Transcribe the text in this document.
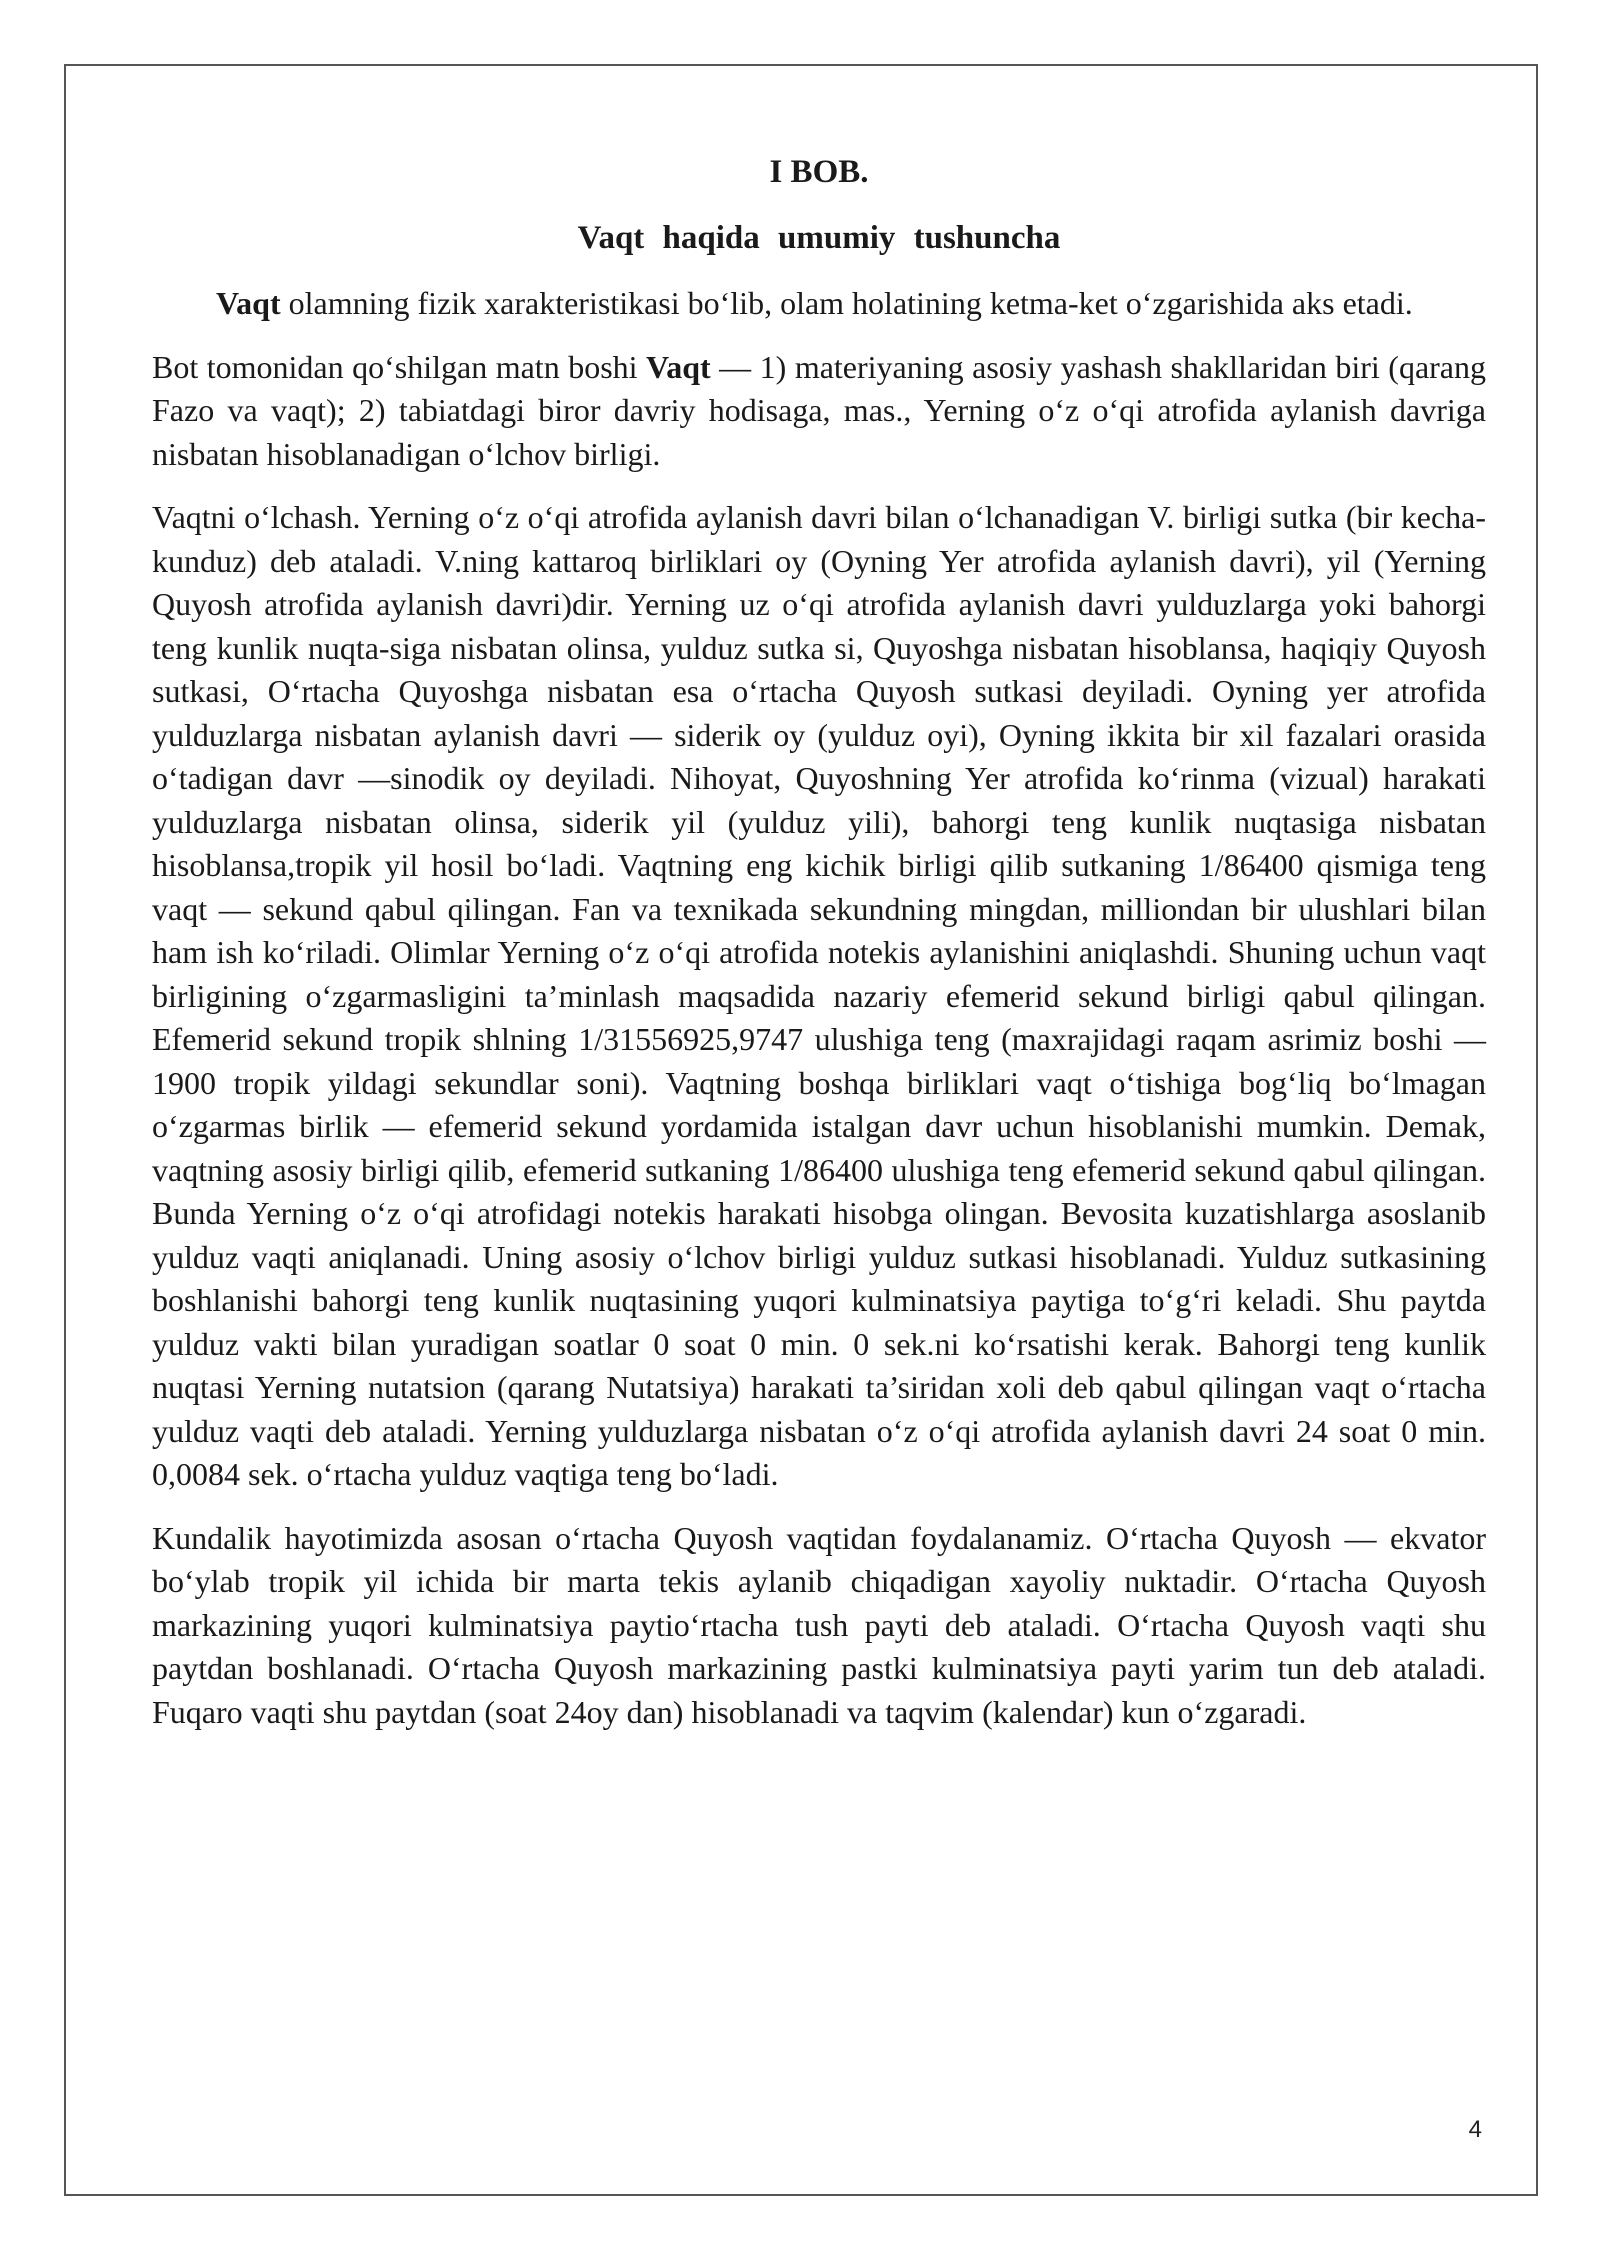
I BOB.
Vaqt haqida umumiy tushuncha

Vaqt olamning fizik xarakteristikasi bo‘lib, olam holatining ketma-ket o‘zgarishida aks etadi.

Bot tomonidan qo‘shilgan matn boshi Vaqt — 1) materiyaning asosiy yashash shakllaridan biri (qarang Fazo va vaqt); 2) tabiatdagi biror davriy hodisaga, mas., Yerning o‘z o‘qi atrofida aylanish davriga nisbatan hisoblanadigan o‘lchov birligi.

Vaqtni o‘lchash. Yerning o‘z o‘qi atrofida aylanish davri bilan o‘lchanadigan V. birligi sutka (bir kecha-kunduz) deb ataladi. V.ning kattaroq birliklari oy (Oyning Yer atrofida aylanish davri), yil (Yerning Quyosh atrofida aylanish davri)dir. Yerning uz o‘qi atrofida aylanish davri yulduzlarga yoki bahorgi teng kunlik nuqta-siga nisbatan olinsa, yulduz sutka si, Quyoshga nisbatan hisoblansa, haqiqiy Quyosh sutkasi, O‘rtacha Quyoshga nisbatan esa o‘rtacha Quyosh sutkasi deyiladi. Oyning yer atrofida yulduzlarga nisbatan aylanish davri — siderik oy (yulduz oyi), Oyning ikkita bir xil fazalari orasida o‘tadigan davr —sinodik oy deyiladi. Nihoyat, Quyoshning Yer atrofida ko‘rinma (vizual) harakati yulduzlarga nisbatan olinsa, siderik yil (yulduz yili), bahorgi teng kunlik nuqtasiga nisbatan hisoblansa,tropik yil hosil bo‘ladi. Vaqtning eng kichik birligi qilib sutkaning 1/86400 qismiga teng vaqt — sekund qabul qilingan. Fan va texnikada sekundning mingdan, milliondan bir ulushlari bilan ham ish ko‘riladi. Olimlar Yerning o‘z o‘qi atrofida notekis aylanishini aniqlashdi. Shuning uchun vaqt birligining o‘zgarmasligini ta’minlash maqsadida nazariy efemerid sekund birligi qabul qilingan. Efemerid sekund tropik shlning 1/31556925,9747 ulushiga teng (maxrajidagi raqam asrimiz boshi — 1900 tropik yildagi sekundlar soni). Vaqtning boshqa birliklari vaqt o‘tishiga bog‘liq bo‘lmagan o‘zgarmas birlik — efemerid sekund yordamida istalgan davr uchun hisoblanishi mumkin. Demak, vaqtning asosiy birligi qilib, efemerid sutkaning 1/86400 ulushiga teng efemerid sekund qabul qilingan. Bunda Yerning o‘z o‘qi atrofidagi notekis harakati hisobga olingan. Bevosita kuzatishlarga asoslanib yulduz vaqti aniqlanadi. Uning asosiy o‘lchov birligi yulduz sutkasi hisoblanadi. Yulduz sutkasining boshlanishi bahorgi teng kunlik nuqtasining yuqori kulminatsiya paytiga to‘g‘ri keladi. Shu paytda yulduz vakti bilan yuradigan soatlar 0 soat 0 min. 0 sek.ni ko‘rsatishi kerak. Bahorgi teng kunlik nuqtasi Yerning nutatsion (qarang Nutatsiya) harakati ta’siridan xoli deb qabul qilingan vaqt o‘rtacha yulduz vaqti deb ataladi. Yerning yulduzlarga nisbatan o‘z o‘qi atrofida aylanish davri 24 soat 0 min. 0,0084 sek. o‘rtacha yulduz vaqtiga teng bo‘ladi.

Kundalik hayotimizda asosan o‘rtacha Quyosh vaqtidan foydalanamiz. O‘rtacha Quyosh — ekvator bo‘ylab tropik yil ichida bir marta tekis aylanib chiqadigan xayoliy nuktadir. O‘rtacha Quyosh markazining yuqori kulminatsiya paytio‘rtacha tush payti deb ataladi. O‘rtacha Quyosh vaqti shu paytdan boshlanadi. O‘rtacha Quyosh markazining pastki kulminatsiya payti yarim tun deb ataladi. Fuqaro vaqti shu paytdan (soat 24oy dan) hisoblanadi va taqvim (kalendar) kun o‘zgaradi.

4
